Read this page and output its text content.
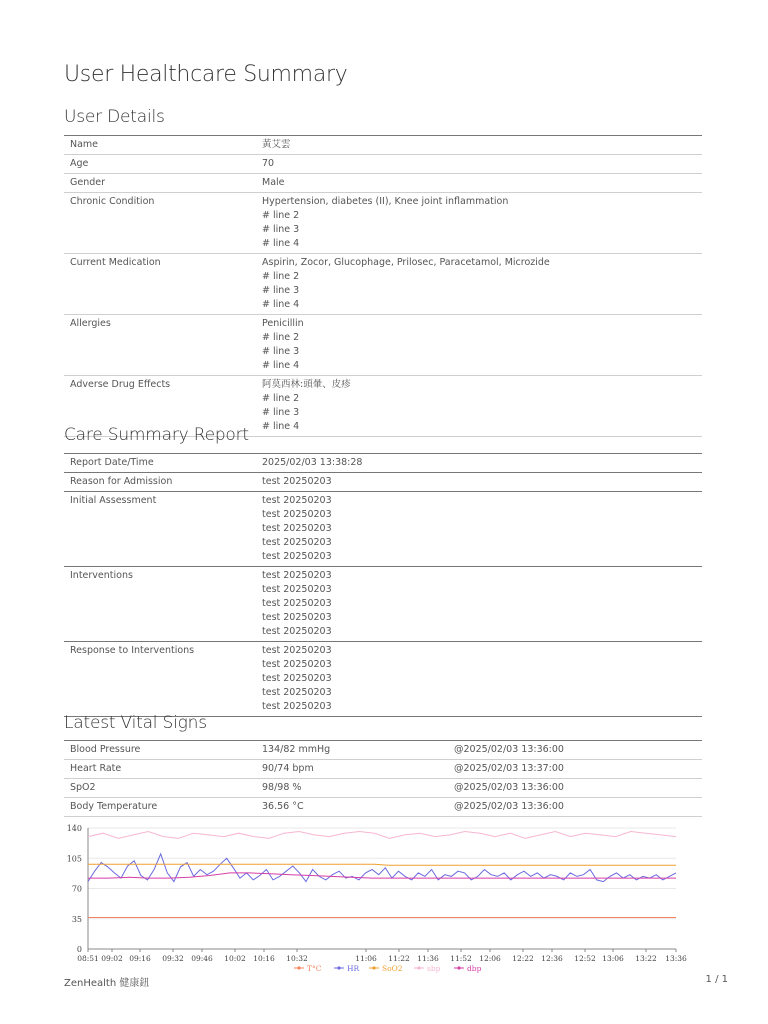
User Healthcare Summary
User Details
Name	黃艾雲

Age	70

Gender	Male

Chronic Condition	Hypertension, diabetes (II), Knee joint inflammation
# line 2
# line 3
# line 4

Current Medication	Aspirin, Zocor, Glucophage, Prilosec, Paracetamol, Microzide
# line 2
# line 3
# line 4

Allergies	Penicillin
# line 2
# line 3
# line 4

Adverse Drug Effects	阿莫西林:頭暈、皮疹
# line 2
# line 3
# line 4
Care Summary Report
Report Date/Time	2025/02/03 13:38:28

Reason for Admission	test 20250203

Initial Assessment	test 20250203
test 20250203
test 20250203
test 20250203
test 20250203

Interventions	test 20250203
test 20250203
test 20250203
test 20250203
test 20250203

Response to Interventions	test 20250203
test 20250203
test 20250203
test 20250203
test 20250203
Latest Vital Signs
Blood Pressure	134/82 mmHg	@2025/02/03 13:36:00
Heart Rate	90/74 bpm	@2025/02/03 13:37:00
SpO2	98/98 %	@2025/02/03 13:36:00
Body Temperature	36.56 °C	@2025/02/03 13:36:00
0
35
70
105
140
08:51 09:02 09:16 09:32 09:46 10:02 10:16 10:32	11:06 11:22 11:36 11:52 12:06 12:22 12:36 12:52 13:06 13:22 13:36
T°C	HR	SoO2	sbp	dbp
ZenHealth 健康鈕	1 / 1
